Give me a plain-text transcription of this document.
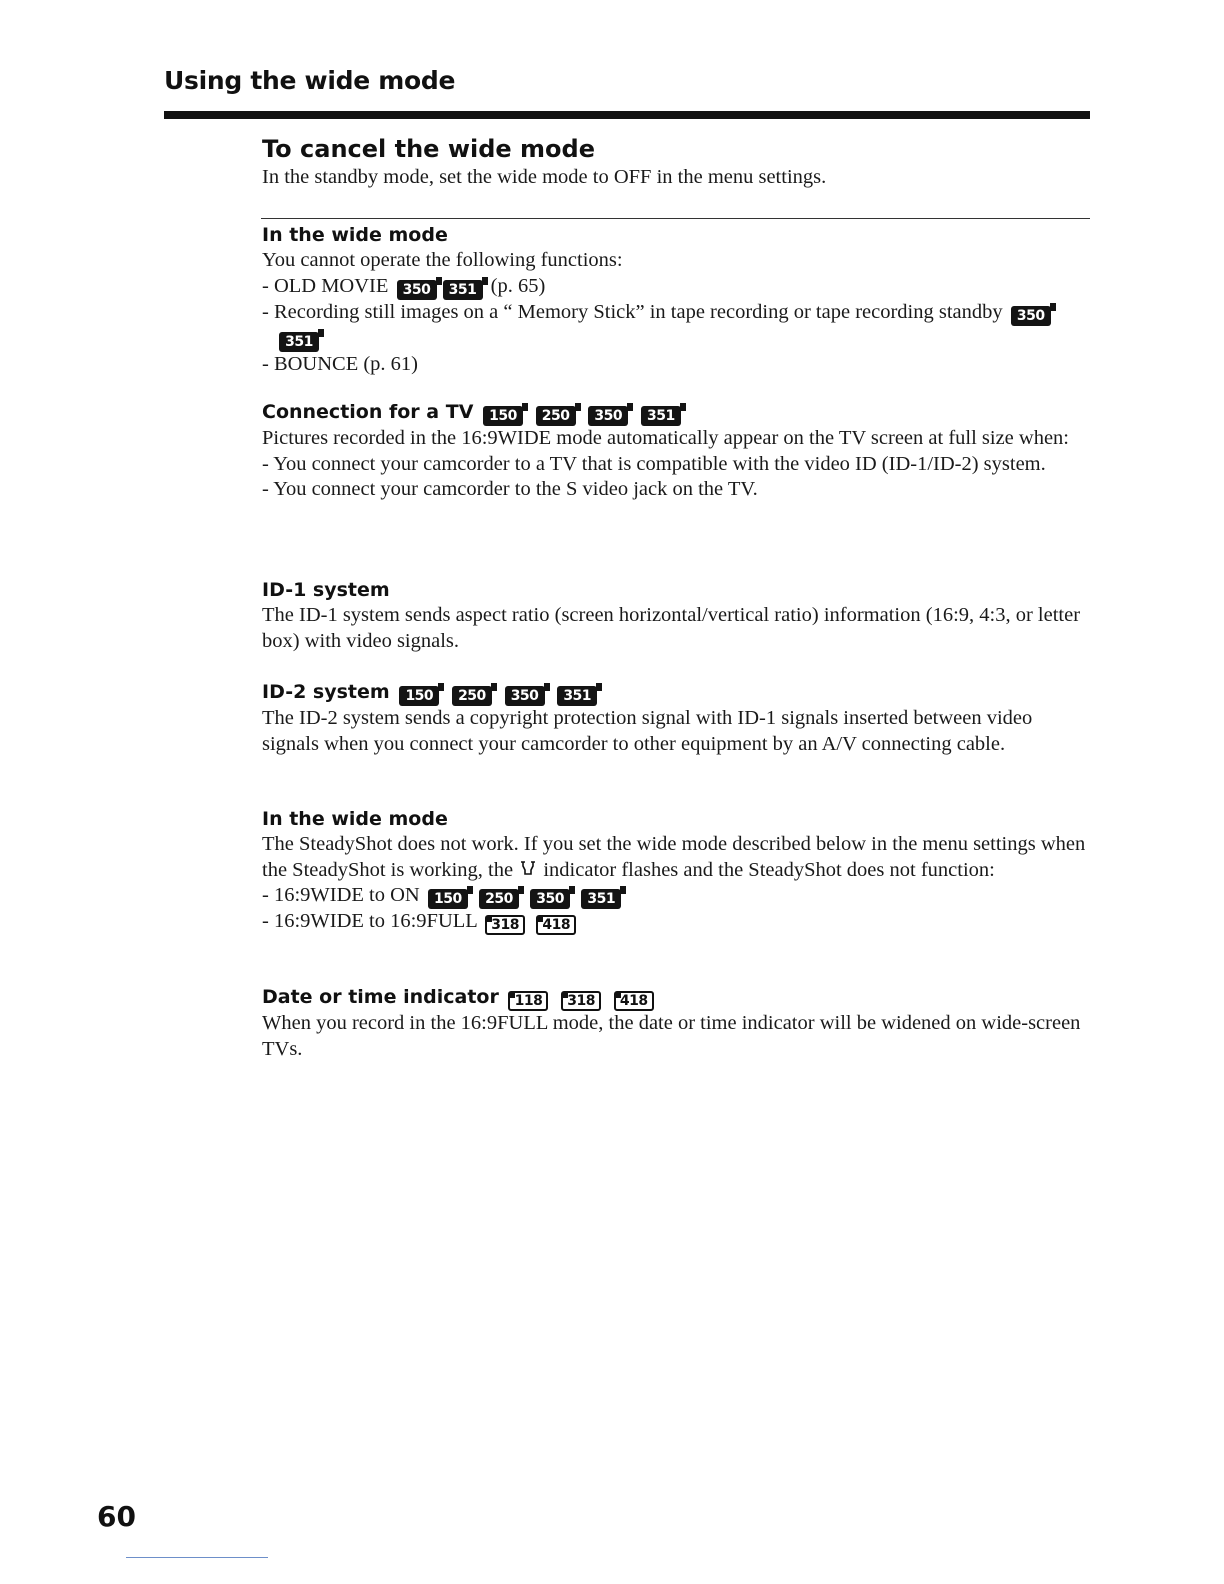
Using the wide mode
To cancel the wide mode

In the standby mode, set the wide mode to OFF in the menu settings.

In the wide mode

You cannot operate the following functions:

- OLD MOVIE 350 351 (p. 65)

- Recording still images on a “ Memory Stick” in tape recording or tape recording standby 350
351

- BOUNCE (p. 61)

Connection for a TV 150 250 350 351

Pictures recorded in the 16:9WIDE mode automatically appear on the TV screen at full size when:

- You connect your camcorder to a TV that is compatible with the video ID (ID-1/ID-2) system.

- You connect your camcorder to the S video jack on the TV.

ID-1 system

The ID-1 system sends aspect ratio (screen horizontal/vertical ratio) information (16:9, 4:3, or letter box) with video signals.

ID-2 system 150 250 350 351

The ID-2 system sends a copyright protection signal with ID-1 signals inserted between video signals when you connect your camcorder to other equipment by an A/V connecting cable.

In the wide mode

The SteadyShot does not work. If you set the wide mode described below in the menu settings when the SteadyShot is working, the indicator flashes and the SteadyShot does not function:

- 16:9WIDE to ON 150 250 350 351

- 16:9WIDE to 16:9FULL 318 418

Date or time indicator 118 318 418

When you record in the 16:9FULL mode, the date or time indicator will be widened on wide-screen TVs.

60
